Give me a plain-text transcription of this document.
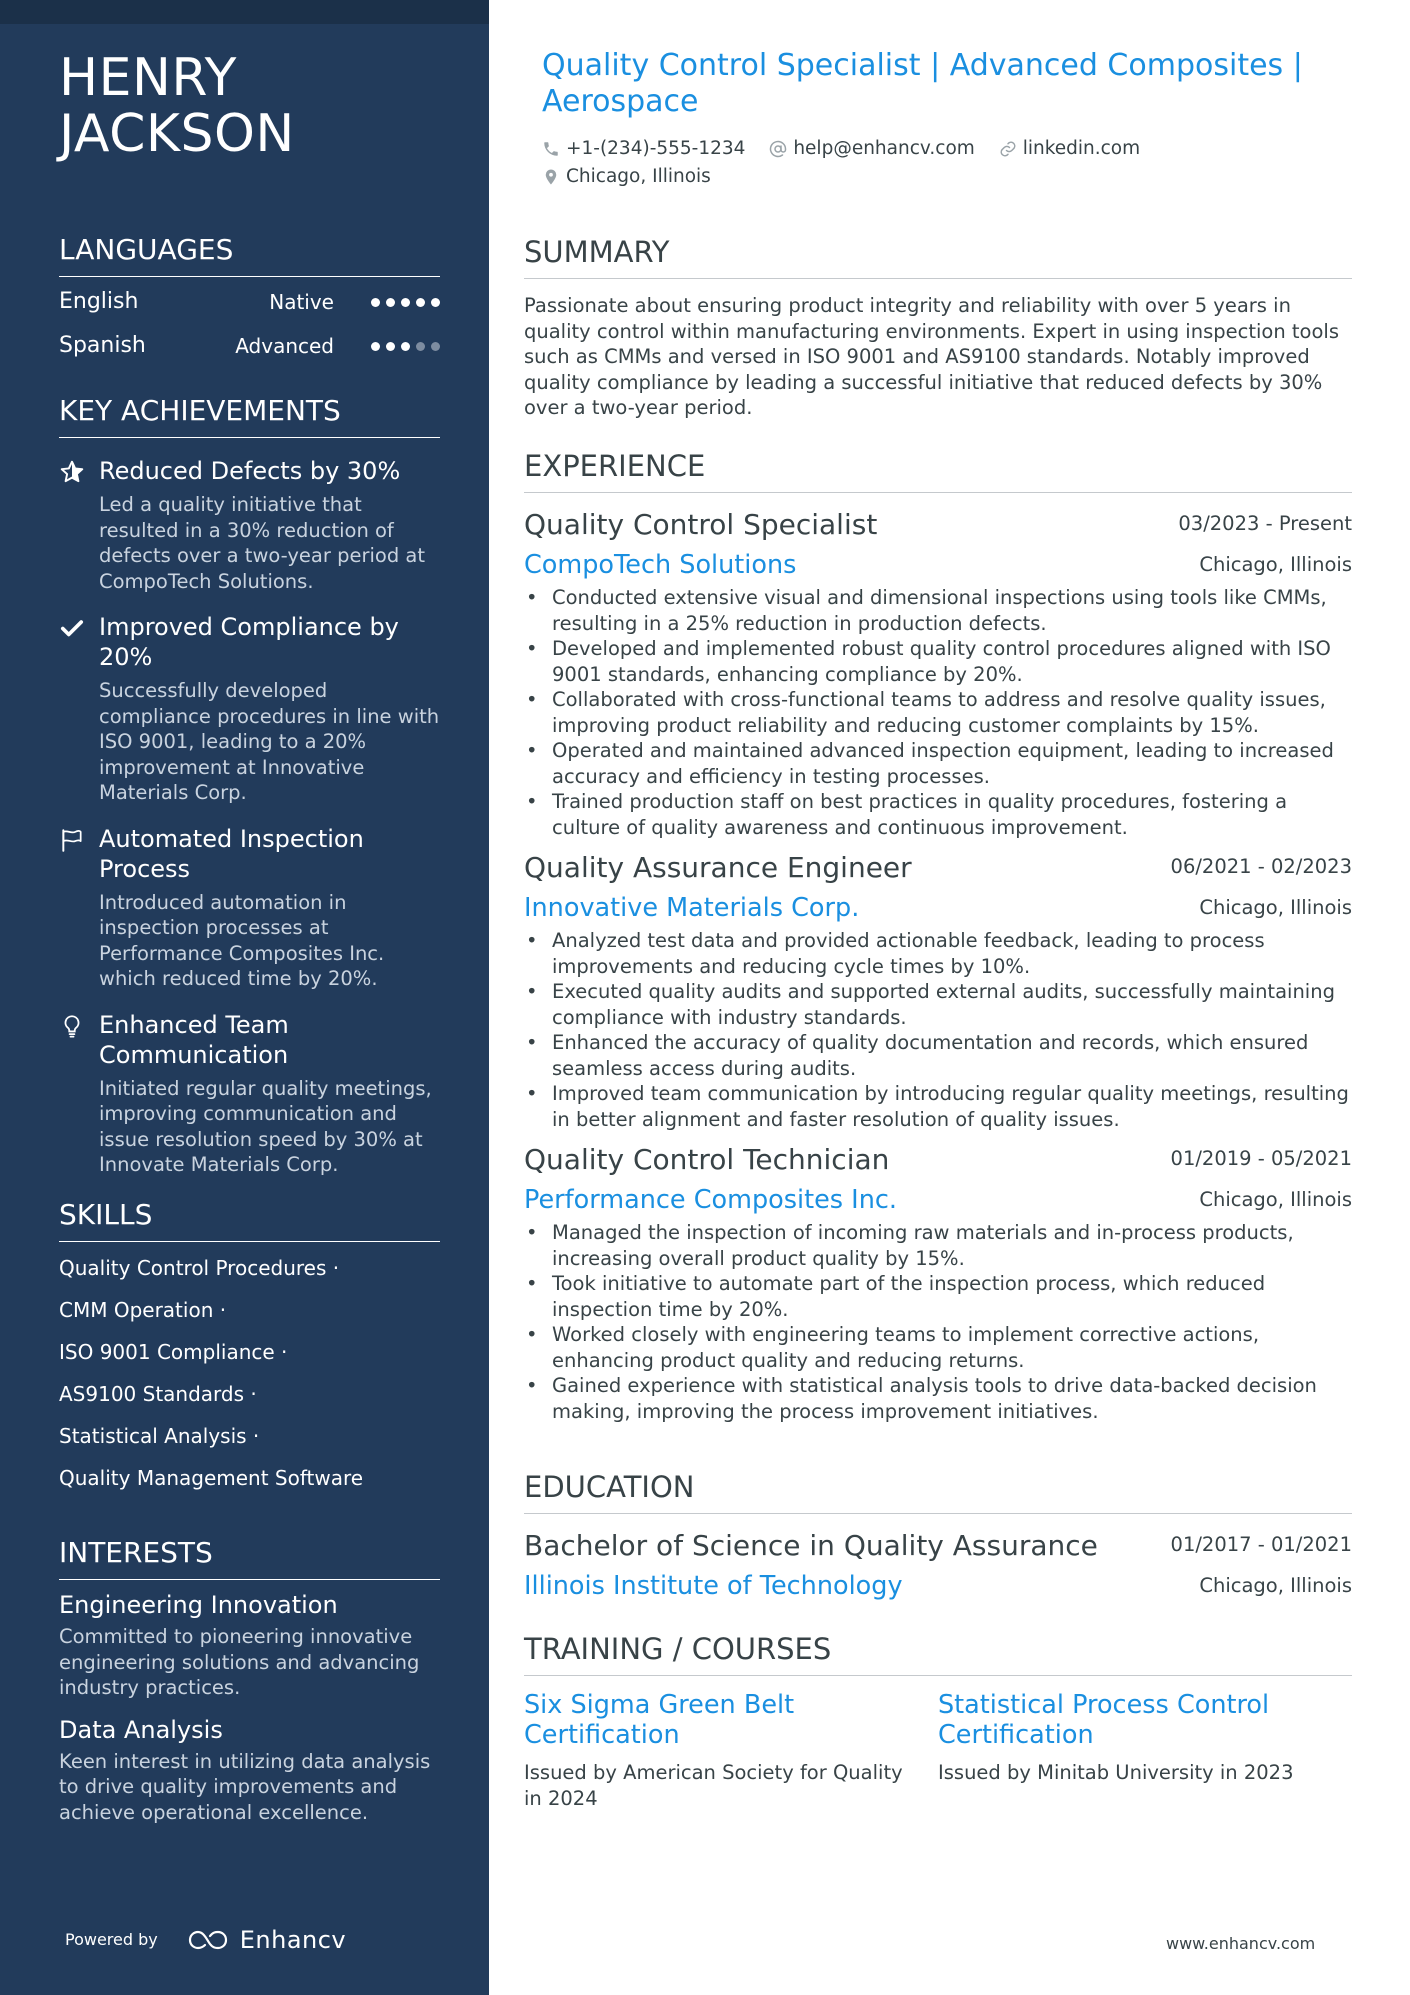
HENRY JACKSON
LANGUAGES
English	Native
Spanish	Advanced
KEY ACHIEVEMENTS
Reduced Defects by 30%
Led a quality initiative that resulted in a 30% reduction of defects over a two-year period at CompoTech Solutions.
Improved Compliance by 20%
Successfully developed compliance procedures in line with ISO 9001, leading to a 20% improvement at Innovative Materials Corp.
Automated Inspection Process
Introduced automation in inspection processes at Performance Composites Inc. which reduced time by 20%.
Enhanced Team Communication
Initiated regular quality meetings, improving communication and issue resolution speed by 30% at Innovate Materials Corp.
SKILLS
Quality Control Procedures ·
CMM Operation ·
ISO 9001 Compliance ·
AS9100 Standards ·
Statistical Analysis ·
Quality Management Software
INTERESTS
Engineering Innovation
Committed to pioneering innovative engineering solutions and advancing industry practices.
Data Analysis
Keen interest in utilizing data analysis to drive quality improvements and achieve operational excellence.
Powered by	Enhancv
Quality Control Specialist | Advanced Composites | Aerospace
+1-(234)-555-1234
	help@enhancv.com
	linkedin.com
Chicago, Illinois
SUMMARY
Passionate about ensuring product integrity and reliability with over 5 years in quality control within manufacturing environments. Expert in using inspection tools such as CMMs and versed in ISO 9001 and AS9100 standards. Notably improved quality compliance by leading a successful initiative that reduced defects by 30% over a two-year period.
EXPERIENCE
Quality Control Specialist	03/2023 - Present
CompoTech Solutions	Chicago, Illinois
• Conducted extensive visual and dimensional inspections using tools like CMMs, resulting in a 25% reduction in production defects.
• Developed and implemented robust quality control procedures aligned with ISO 9001 standards, enhancing compliance by 20%.
• Collaborated with cross-functional teams to address and resolve quality issues, improving product reliability and reducing customer complaints by 15%.
• Operated and maintained advanced inspection equipment, leading to increased accuracy and efficiency in testing processes.
• Trained production staff on best practices in quality procedures, fostering a culture of quality awareness and continuous improvement.
Quality Assurance Engineer	06/2021 - 02/2023
Innovative Materials Corp.	Chicago, Illinois
• Analyzed test data and provided actionable feedback, leading to process improvements and reducing cycle times by 10%.
• Executed quality audits and supported external audits, successfully maintaining compliance with industry standards.
• Enhanced the accuracy of quality documentation and records, which ensured seamless access during audits.
• Improved team communication by introducing regular quality meetings, resulting in better alignment and faster resolution of quality issues.
Quality Control Technician	01/2019 - 05/2021
Performance Composites Inc.	Chicago, Illinois
• Managed the inspection of incoming raw materials and in-process products, increasing overall product quality by 15%.
• Took initiative to automate part of the inspection process, which reduced inspection time by 20%.
• Worked closely with engineering teams to implement corrective actions, enhancing product quality and reducing returns.
• Gained experience with statistical analysis tools to drive data-backed decision making, improving the process improvement initiatives.
EDUCATION
Bachelor of Science in Quality Assurance	01/2017 - 01/2021
Illinois Institute of Technology	Chicago, Illinois
TRAINING / COURSES
Six Sigma Green Belt Certification
Issued by American Society for Quality in 2024
Statistical Process Control Certification
Issued by Minitab University in 2023
www.enhancv.com
